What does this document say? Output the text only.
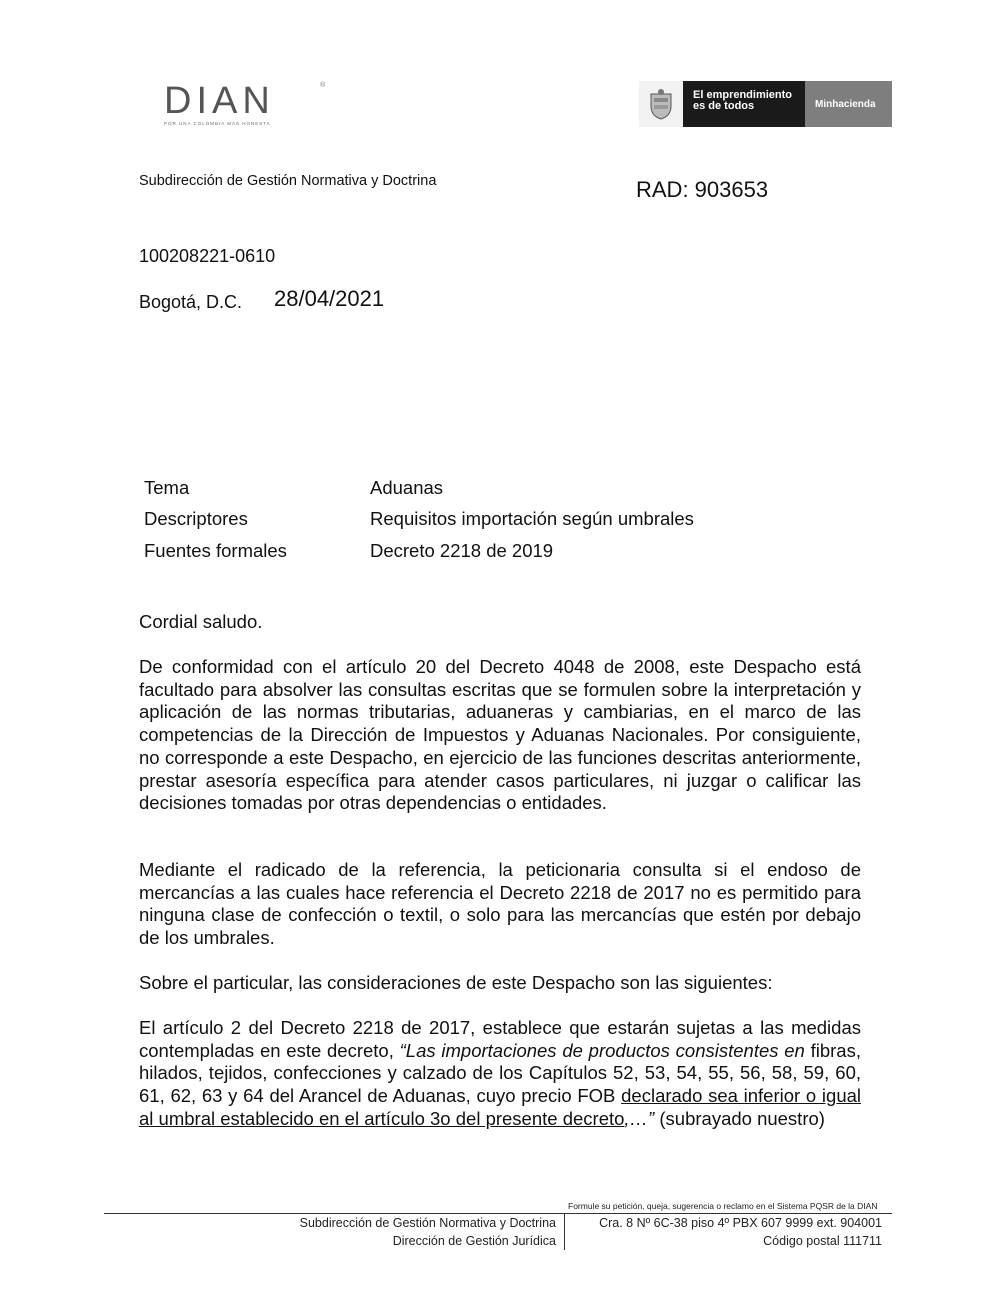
DIAN	®
POR UNA COLOMBIA MÁS HONESTA
El emprendimiento es de todos	Minhacienda
Subdirección de Gestión Normativa y Doctrina	RAD: 903653
100208221-0610
Bogotá, D.C. 28/04/2021
Tema	Aduanas
Descriptores	Requisitos importación según umbrales
Fuentes formales	Decreto 2218 de 2019

Cordial saludo.

De conformidad con el artículo 20 del Decreto 4048 de 2008, este Despacho está facultado para absolver las consultas escritas que se formulen sobre la interpretación y aplicación de las normas tributarias, aduaneras y cambiarias, en el marco de las competencias de la Dirección de Impuestos y Aduanas Nacionales. Por consiguiente, no corresponde a este Despacho, en ejercicio de las funciones descritas anteriormente, prestar asesoría específica para atender casos particulares, ni juzgar o calificar las decisiones tomadas por otras dependencias o entidades.

Mediante el radicado de la referencia, la peticionaria consulta si el endoso de mercancías a las cuales hace referencia el Decreto 2218 de 2017 no es permitido para ninguna clase de confección o textil, o solo para las mercancías que estén por debajo de los umbrales.

Sobre el particular, las consideraciones de este Despacho son las siguientes:

El artículo 2 del Decreto 2218 de 2017, establece que estarán sujetas a las medidas contempladas en este decreto, “Las importaciones de productos consistentes en fibras, hilados, tejidos, confecciones y calzado de los Capítulos 52, 53, 54, 55, 56, 58, 59, 60, 61, 62, 63 y 64 del Arancel de Aduanas, cuyo precio FOB declarado sea inferior o igual al umbral establecido en el artículo 3o del presente decreto,…” (subrayado nuestro)

Formule su petición, queja, sugerencia o reclamo en el Sistema PQSR de la DIAN
Subdirección de Gestión Normativa y Doctrina
Dirección de Gestión Jurídica
Cra. 8 Nº 6C-38 piso 4º PBX 607 9999 ext. 904001
Código postal 111711
